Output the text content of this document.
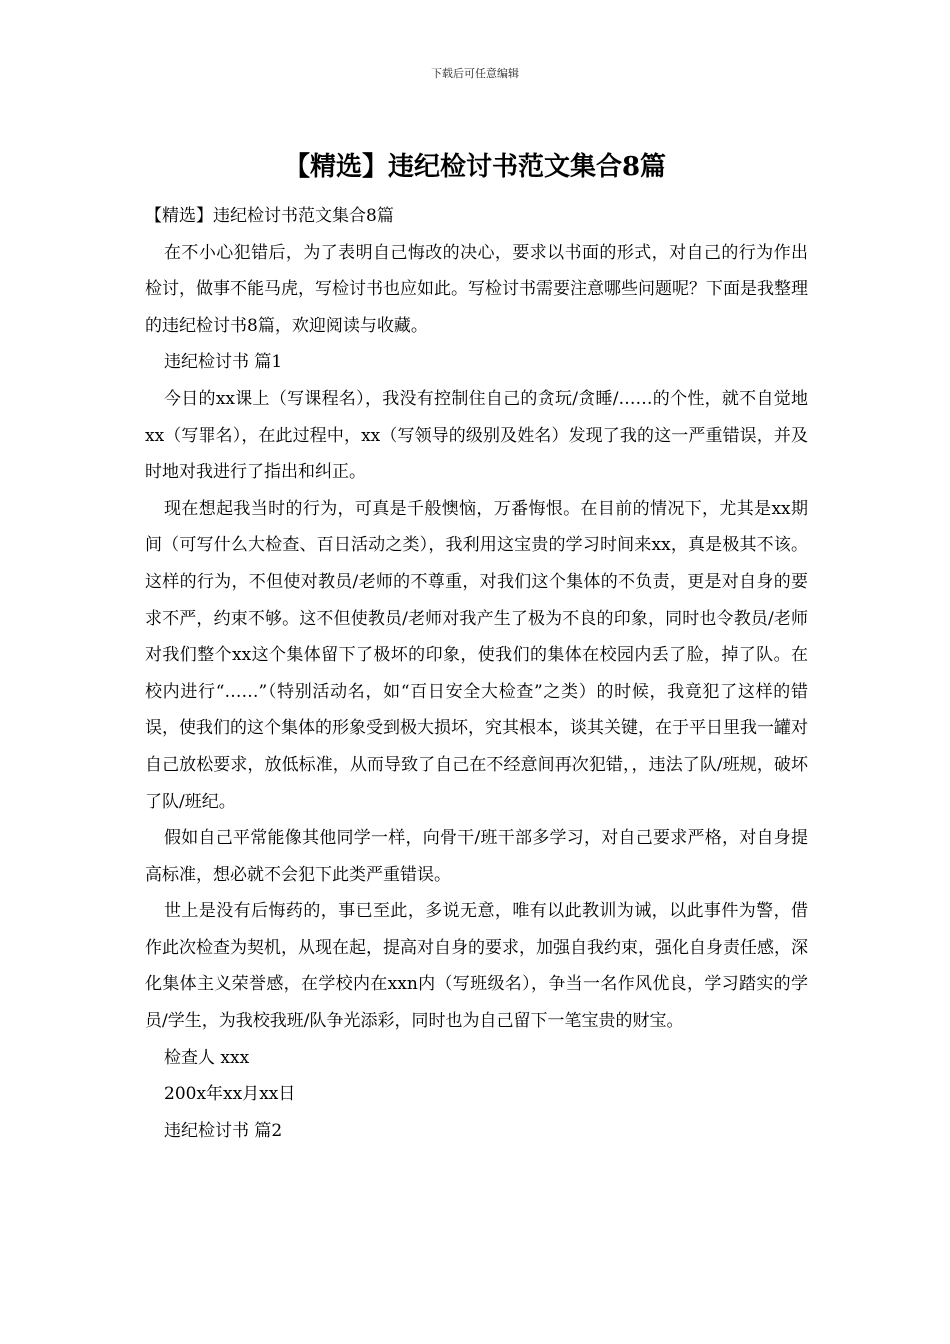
下载后可任意编辑
【精选】违纪检讨书范文集合8篇

【精选】违纪检讨书范文集合8篇

在不小心犯错后，为了表明自己悔改的决心，要求以书面的形式，对自己的行为作出检讨，做事不能马虎，写检讨书也应如此。写检讨书需要注意哪些问题呢？下面是我整理的违纪检讨书8篇，欢迎阅读与收藏。

违纪检讨书 篇1

今日的xx课上（写课程名），我没有控制住自己的贪玩/贪睡/……的个性，就不自觉地xx（写罪名），在此过程中，xx（写领导的级别及姓名）发现了我的这一严重错误，并及时地对我进行了指出和纠正。

现在想起我当时的行为，可真是千般懊恼，万番悔恨。在目前的情况下，尤其是xx期间（可写什么大检查、百日活动之类），我利用这宝贵的学习时间来xx，真是极其不该。这样的行为，不但使对教员/老师的不尊重，对我们这个集体的不负责，更是对自身的要求不严，约束不够。这不但使教员/老师对我产生了极为不良的印象，同时也令教员/老师对我们整个xx这个集体留下了极坏的印象，使我们的集体在校园内丢了脸，掉了队。在校内进行“……”（特别活动名，如“百日安全大检查”之类）的时候，我竟犯了这样的错误，使我们的这个集体的形象受到极大损坏，究其根本，谈其关键，在于平日里我一罐对自己放松要求，放低标准，从而导致了自己在不经意间再次犯错，，违法了队/班规，破坏了队/班纪。

假如自己平常能像其他同学一样，向骨干/班干部多学习，对自己要求严格，对自身提高标准，想必就不会犯下此类严重错误。

世上是没有后悔药的，事已至此，多说无意，唯有以此教训为诫，以此事件为警，借作此次检查为契机，从现在起，提高对自身的要求，加强自我约束，强化自身责任感，深化集体主义荣誉感，在学校内在xxn内（写班级名），争当一名作风优良，学习踏实的学员/学生，为我校我班/队争光添彩，同时也为自己留下一笔宝贵的财宝。

检查人 xxx

200x年xx月xx日

违纪检讨书 篇2
